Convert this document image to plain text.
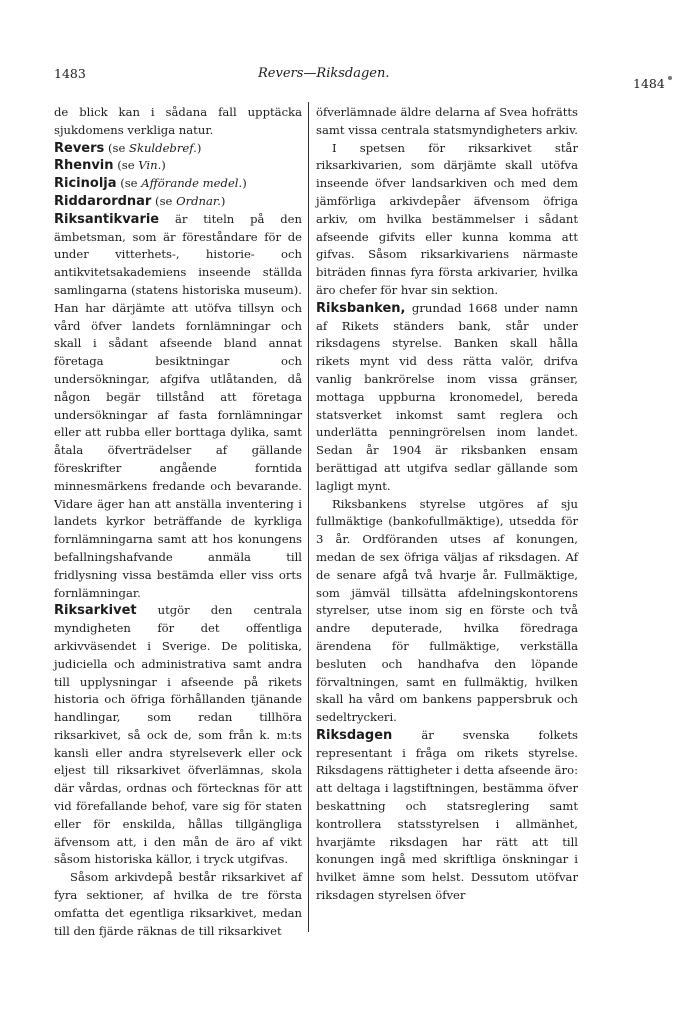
1483	Revers—Riksdagen.
1484

de blick kan i sådana fall upptäcka sjukdomens verkliga natur.

Revers (se Skuldebref.)

Rhenvin (se Vin.)

Ricinolja (se Afförande medel.)

Riddarordnar (se Ordnar.)

Riksantikvarie är titeln på den ämbetsman, som är föreståndare för de under vitterhets-, historie- och antikvitetsakademiens inseende ställda samlingarna (statens historiska museum). Han har därjämte att utöfva tillsyn och vård öfver landets fornlämningar och skall i sådant afseende bland annat företaga besiktningar och undersökningar, afgifva utlåtanden, då någon begär tillstånd att företaga undersökningar af fasta fornlämningar eller att rubba eller borttaga dylika, samt åtala öfverträdelser af gällande föreskrifter angående forntida minnesmärkens fredande och bevarande. Vidare äger han att anställa inventering i landets kyrkor beträffande de kyrkliga fornlämningarna samt att hos konungens befallningshafvande anmäla till fridlysning vissa bestämda eller viss orts fornlämningar.

Riksarkivet utgör den centrala myndigheten för det offentliga arkivväsendet i Sverige. De politiska, judiciella och administrativa samt andra till upplysningar i afseende på rikets historia och öfriga förhållanden tjänande handlingar, som redan tillhöra riksarkivet, så ock de, som från k. m:ts kansli eller andra styrelseverk eller ock eljest till riksarkivet öfverlämnas, skola där vårdas, ordnas och förtecknas för att vid förefallande behof, vare sig för staten eller för enskilda, hållas tillgängliga äfvensom att, i den mån de äro af vikt såsom historiska källor, i tryck utgifvas.

Såsom arkivdepå består riksarkivet af fyra sektioner, af hvilka de tre första omfatta det egentliga riksarkivet, medan till den fjärde räknas de till riksarkivet

öfverlämnade äldre delarna af Svea hofrätts samt vissa centrala statsmyndigheters arkiv.

I spetsen för riksarkivet står riksarkivarien, som därjämte skall utöfva inseende öfver landsarkiven och med dem jämförliga arkivdepåer äfvensom öfriga arkiv, om hvilka bestämmelser i sådant afseende gifvits eller kunna komma att gifvas. Såsom riksarkivariens närmaste biträden finnas fyra första arkivarier, hvilka äro chefer för hvar sin sektion.

Riksbanken, grundad 1668 under namn af Rikets ständers bank, står under riksdagens styrelse. Banken skall hålla rikets mynt vid dess rätta valör, drifva vanlig bankrörelse inom vissa gränser, mottaga uppburna kronomedel, bereda statsverket inkomst samt reglera och underlätta penningrörelsen inom landet. Sedan år 1904 är riksbanken ensam berättigad att utgifva sedlar gällande som lagligt mynt.

Riksbankens styrelse utgöres af sju fullmäktige (bankofullmäktige), utsedda för 3 år. Ordföranden utses af konungen, medan de sex öfriga väljas af riksdagen. Af de senare afgå två hvarje år. Fullmäktige, som jämväl tillsätta afdelningskontorens styrelser, utse inom sig en förste och två andre deputerade, hvilka föredraga ärendena för fullmäktige, verkställa besluten och handhafva den löpande förvaltningen, samt en fullmäktig, hvilken skall ha vård om bankens pappersbruk och sedeltryckeri.

Riksdagen är svenska folkets representant i fråga om rikets styrelse. Riksdagens rättigheter i detta afseende äro: att deltaga i lagstiftningen, bestämma öfver beskattning och statsreglering samt kontrollera statsstyrelsen i allmänhet, hvarjämte riksdagen har rätt att till konungen ingå med skriftliga önskningar i hvilket ämne som helst. Dessutom utöfvar riksdagen styrelsen öfver
